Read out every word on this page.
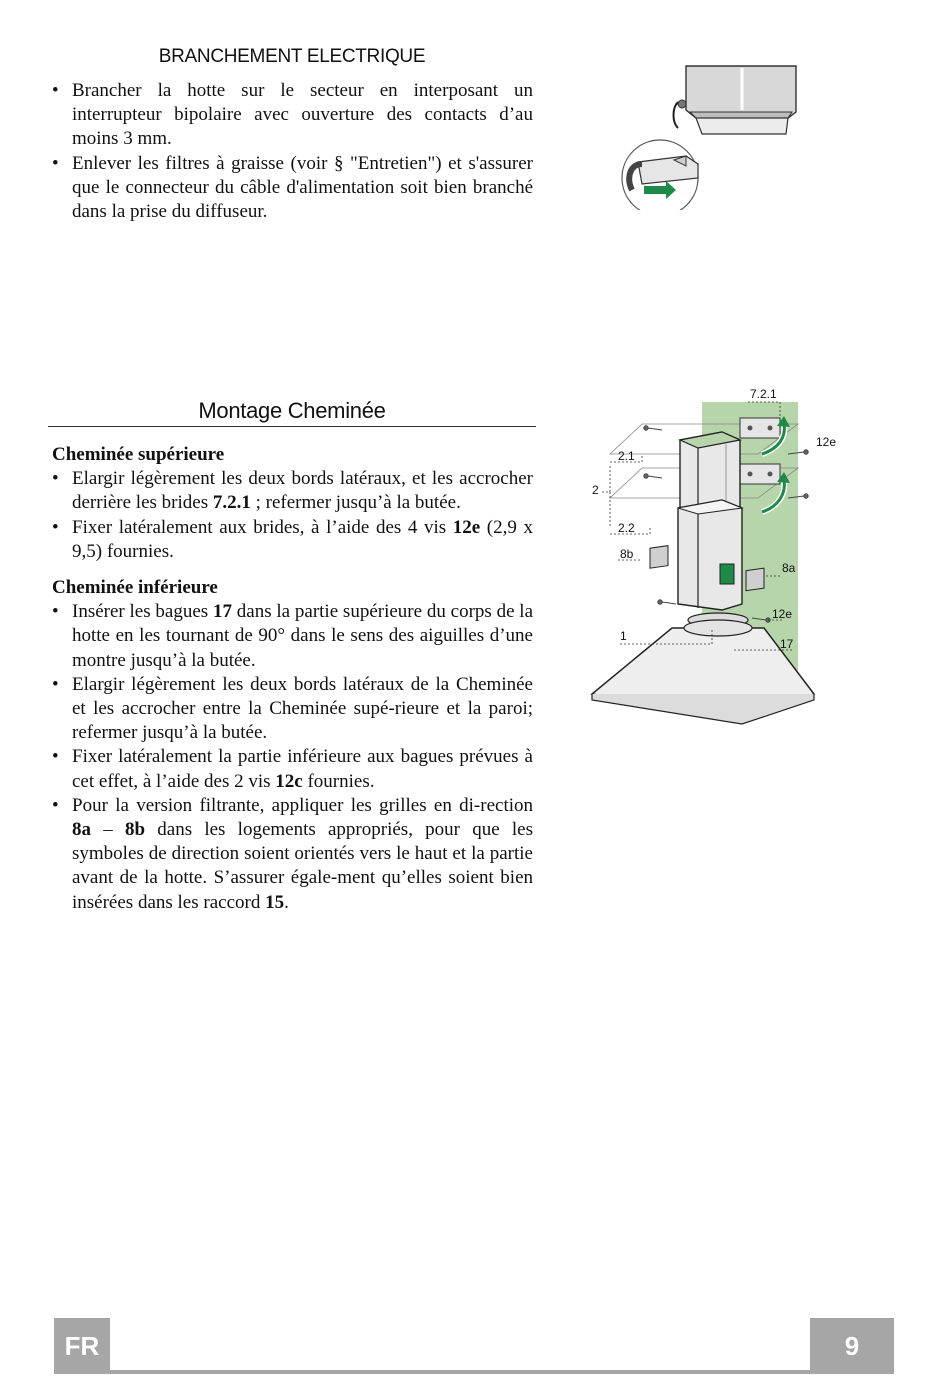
BRANCHEMENT ELECTRIQUE
• Brancher la hotte sur le secteur en interposant un interrupteur bipolaire avec ouverture des contacts d’au moins 3 mm.
• Enlever les filtres à graisse (voir § "Entretien") et s'assurer que le connecteur du câble d'alimentation soit bien branché dans la prise du diffuseur.
Montage Cheminée
Cheminée supérieure
• Elargir légèrement les deux bords latéraux, et les accrocher derrière les brides 7.2.1 ; refermer jusqu’à la butée.
• Fixer latéralement aux brides, à l’aide des 4 vis 12e (2,9 x 9,5) fournies.
Cheminée inférieure
• Insérer les bagues 17 dans la partie supérieure du corps de la hotte en les tournant de 90° dans le sens des aiguilles d’une montre jusqu’à la butée.
• Elargir légèrement les deux bords latéraux de la Cheminée et les accrocher entre la Cheminée supé-rieure et la paroi; refermer jusqu’à la butée.
• Fixer latéralement la partie inférieure aux bagues prévues à cet effet, à l’aide des 2 vis 12c fournies.
• Pour la version filtrante, appliquer les grilles en di-rection 8a – 8b dans les logements appropriés, pour que les symboles de direction soient orientés vers le haut et la partie avant de la hotte. S’assurer égale-ment qu’elles soient bien insérées dans les raccord 15.
7.2.1
12e
2.1
2
2.2
8b
8a
12e
1
17
FR	9
